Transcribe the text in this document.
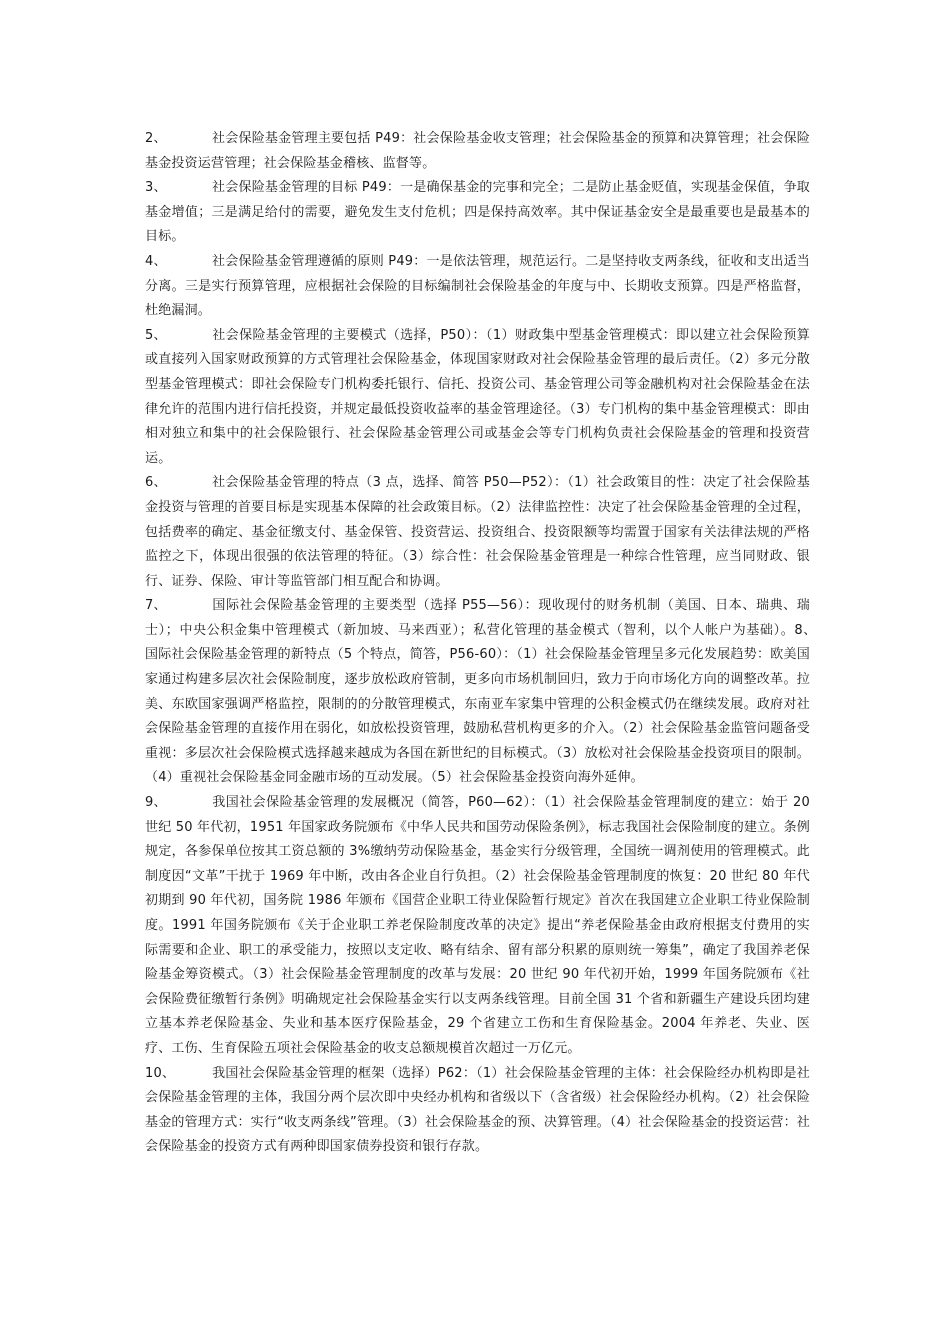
2、	社会保险基金管理主要包括 P49：社会保险基金收支管理；社会保险基金的预算和决算管理；社会保险基金投资运营管理；社会保险基金稽核、监督等。

3、	社会保险基金管理的目标 P49：一是确保基金的完事和完全；二是防止基金贬值，实现基金保值，争取基金增值；三是满足给付的需要，避免发生支付危机；四是保持高效率。其中保证基金安全是最重要也是最基本的目标。

4、	社会保险基金管理遵循的原则 P49：一是依法管理，规范运行。二是坚持收支两条线，征收和支出适当分离。三是实行预算管理，应根据社会保险的目标编制社会保险基金的年度与中、长期收支预算。四是严格监督，杜绝漏洞。

5、	社会保险基金管理的主要模式（选择，P50）：（1）财政集中型基金管理模式：即以建立社会保险预算或直接列入国家财政预算的方式管理社会保险基金，体现国家财政对社会保险基金管理的最后责任。（2）多元分散型基金管理模式：即社会保险专门机构委托银行、信托、投资公司、基金管理公司等金融机构对社会保险基金在法律允许的范围内进行信托投资，并规定最低投资收益率的基金管理途径。（3）专门机构的集中基金管理模式：即由相对独立和集中的社会保险银行、社会保险基金管理公司或基金会等专门机构负责社会保险基金的管理和投资营运。

6、	社会保险基金管理的特点（3 点，选择、简答 P50—P52）：（1）社会政策目的性：决定了社会保险基金投资与管理的首要目标是实现基本保障的社会政策目标。（2）法律监控性：决定了社会保险基金管理的全过程，包括费率的确定、基金征缴支付、基金保管、投资营运、投资组合、投资限额等均需置于国家有关法律法规的严格监控之下，体现出很强的依法管理的特征。（3）综合性：社会保险基金管理是一种综合性管理，应当同财政、银行、证券、保险、审计等监管部门相互配合和协调。

7、	国际社会保险基金管理的主要类型（选择 P55—56）：现收现付的财务机制（美国、日本、瑞典、瑞士）；中央公积金集中管理模式（新加坡、马来西亚）；私营化管理的基金模式（智利，以个人帐户为基础）。8、　　　国际社会保险基金管理的新特点（5 个特点，简答，P56-60）：（1）社会保险基金管理呈多元化发展趋势：欧美国家通过构建多层次社会保险制度，逐步放松政府管制，更多向市场机制回归，致力于向市场化方向的调整改革。拉美、东欧国家强调严格监控，限制的的分散管理模式，东南亚车家集中管理的公积金模式仍在继续发展。政府对社会保险基金管理的直接作用在弱化，如放松投资管理，鼓励私营机构更多的介入。（2）社会保险基金监管问题备受重视：多层次社会保险模式选择越来越成为各国在新世纪的目标模式。（3）放松对社会保险基金投资项目的限制。（4）重视社会保险基金同金融市场的互动发展。（5）社会保险基金投资向海外延伸。

9、	我国社会保险基金管理的发展概况（简答，P60—62）：（1）社会保险基金管理制度的建立：始于 20 世纪 50 年代初，1951 年国家政务院颁布《中华人民共和国劳动保险条例》，标志我国社会保险制度的建立。条例规定，各参保单位按其工资总额的 3%缴纳劳动保险基金，基金实行分级管理，全国统一调剂使用的管理模式。此制度因“文革”干扰于 1969 年中断，改由各企业自行负担。（2）社会保险基金管理制度的恢复：20 世纪 80 年代初期到 90 年代初，国务院 1986 年颁布《国营企业职工待业保险暂行规定》首次在我国建立企业职工待业保险制度。1991 年国务院颁布《关于企业职工养老保险制度改革的决定》提出“养老保险基金由政府根据支付费用的实际需要和企业、职工的承受能力，按照以支定收、略有结余、留有部分积累的原则统一筹集”，确定了我国养老保险基金筹资模式。（3）社会保险基金管理制度的改革与发展：20 世纪 90 年代初开始，1999 年国务院颁布《社会保险费征缴暂行条例》明确规定社会保险基金实行以支两条线管理。目前全国 31 个省和新疆生产建设兵团均建立基本养老保险基金、失业和基本医疗保险基金，29 个省建立工伤和生育保险基金。2004 年养老、失业、医疗、工伤、生育保险五项社会保险基金的收支总额规模首次超过一万亿元。

10、	我国社会保险基金管理的框架（选择）P62：（1）社会保险基金管理的主体：社会保险经办机构即是社会保险基金管理的主体，我国分两个层次即中央经办机构和省级以下（含省级）社会保险经办机构。（2）社会保险基金的管理方式：实行“收支两条线”管理。（3）社会保险基金的预、决算管理。（4）社会保险基金的投资运营：社会保险基金的投资方式有两种即国家债券投资和银行存款。
